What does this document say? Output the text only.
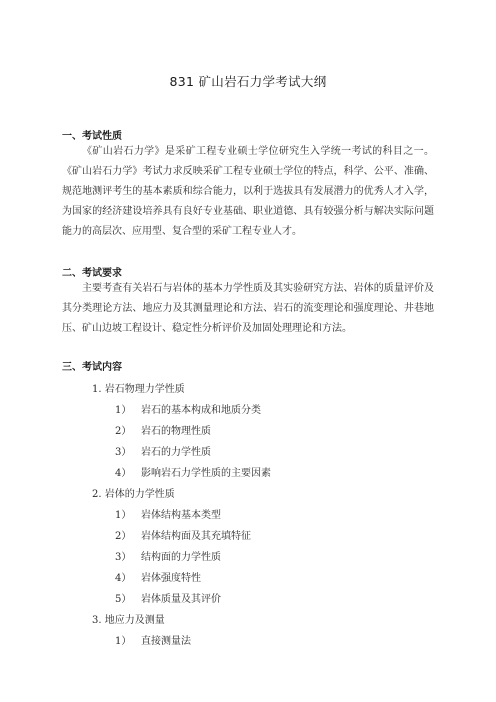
831 矿山岩石力学考试大纲
一、考试性质

《矿山岩石力学》是采矿工程专业硕士学位研究生入学统一考试的科目之一。《矿山岩石力学》考试力求反映采矿工程专业硕士学位的特点，科学、公平、准确、规范地测评考生的基本素质和综合能力，以利于选拔具有发展潜力的优秀人才入学，为国家的经济建设培养具有良好专业基础、职业道德、具有较强分析与解决实际问题能力的高层次、应用型、复合型的采矿工程专业人才。

二、考试要求

主要考查有关岩石与岩体的基本力学性质及其实验研究方法、岩体的质量评价及其分类理论方法、地应力及其测量理论和方法、岩石的流变理论和强度理论、井巷地压、矿山边坡工程设计、稳定性分析评价及加固处理理论和方法。

三、考试内容
1. 岩石物理力学性质
1） 岩石的基本构成和地质分类
2） 岩石的物理性质
3） 岩石的力学性质
4） 影响岩石力学性质的主要因素
2. 岩体的力学性质
1） 岩体结构基本类型
2） 岩体结构面及其充填特征
3） 结构面的力学性质
4） 岩体强度特性
5） 岩体质量及其评价
3. 地应力及测量
1） 直接测量法
